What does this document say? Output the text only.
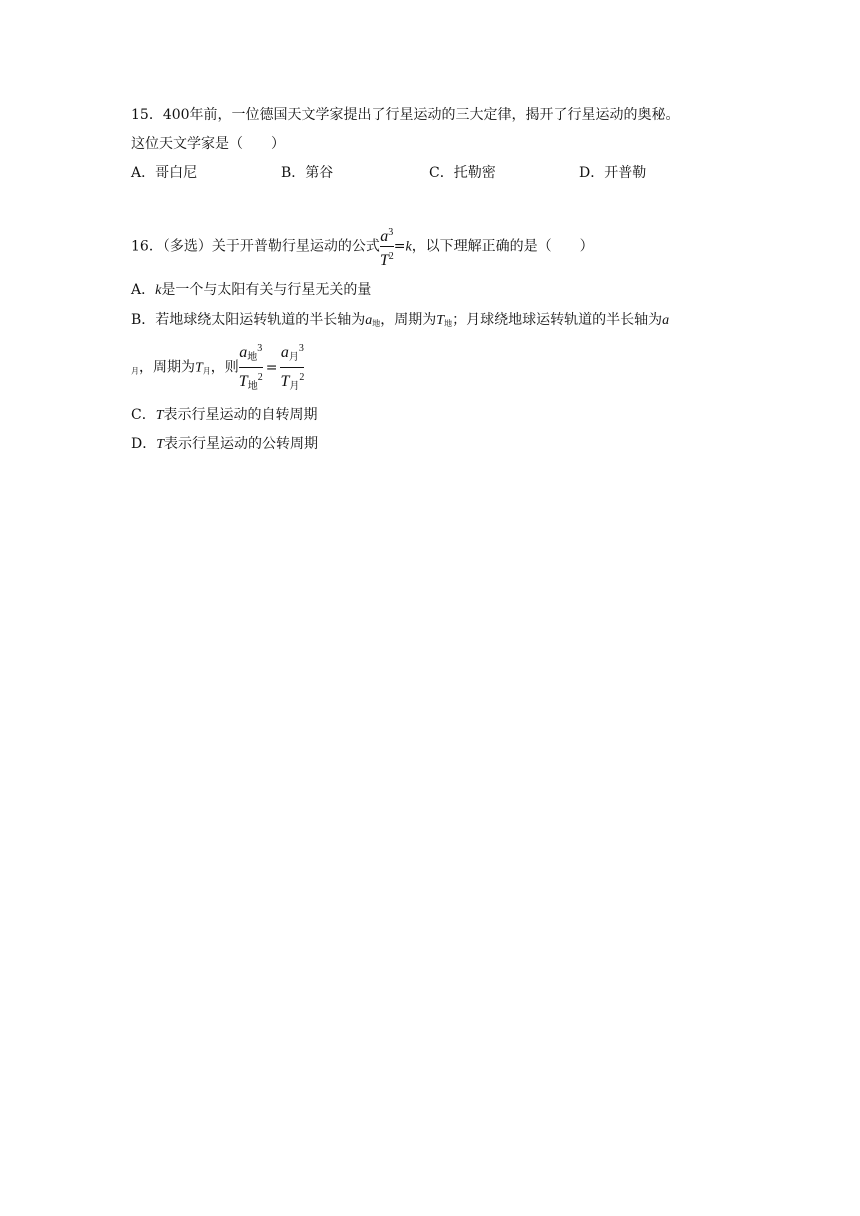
15．400年前，一位德国天文学家提出了行星运动的三大定律，揭开了行星运动的奥秘。
这位天文学家是（　　）
A．哥白尼	B．第谷	C．托勒密	D．开普勒
16．（多选）关于开普勒行星运动的公式 $\frac{a^3}{T^2} =k$，以下理解正确的是（　　）
A．k是一个与太阳有关与行星无关的量
B．若地球绕太阳运转轨道的半长轴为$a_地$，周期为$T_地$；月球绕地球运转轨道的半长轴为a
$_月$，周期为$T_月$，则 $\frac{a地^3}{T地^2} = \frac{a月^3}{T月^2}$
C．T表示行星运动的自转周期
D．T表示行星运动的公转周期
